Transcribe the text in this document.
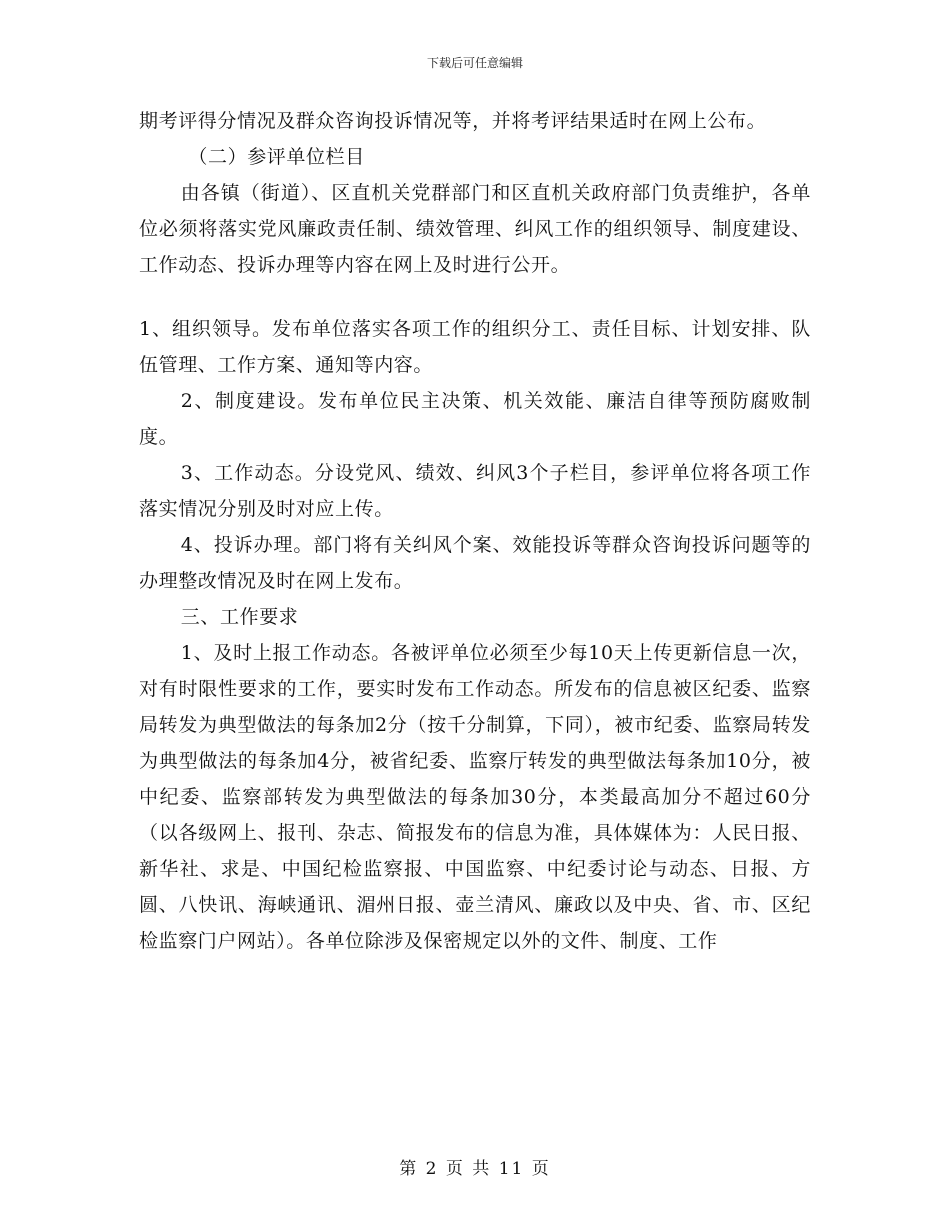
下载后可任意编辑

期考评得分情况及群众咨询投诉情况等，并将考评结果适时在网上公布。

（二）参评单位栏目

由各镇（街道）、区直机关党群部门和区直机关政府部门负责维护，各单位必须将落实党风廉政责任制、绩效管理、纠风工作的组织领导、制度建设、工作动态、投诉办理等内容在网上及时进行公开。

1、组织领导。发布单位落实各项工作的组织分工、责任目标、计划安排、队伍管理、工作方案、通知等内容。

2、制度建设。发布单位民主决策、机关效能、廉洁自律等预防腐败制度。

3、工作动态。分设党风、绩效、纠风3个子栏目，参评单位将各项工作落实情况分别及时对应上传。

4、投诉办理。部门将有关纠风个案、效能投诉等群众咨询投诉问题等的办理整改情况及时在网上发布。

三、工作要求

1、及时上报工作动态。各被评单位必须至少每10天上传更新信息一次，对有时限性要求的工作，要实时发布工作动态。所发布的信息被区纪委、监察局转发为典型做法的每条加2分（按千分制算，下同），被市纪委、监察局转发为典型做法的每条加4分，被省纪委、监察厅转发的典型做法每条加10分，被中纪委、监察部转发为典型做法的每条加30分，本类最高加分不超过60分（以各级网上、报刊、杂志、简报发布的信息为准，具体媒体为：人民日报、新华社、求是、中国纪检监察报、中国监察、中纪委讨论与动态、日报、方圆、八快讯、海峡通讯、湄州日报、壶兰清风、廉政以及中央、省、市、区纪检监察门户网站）。各单位除涉及保密规定以外的文件、制度、工作

第 2 页 共 11 页
